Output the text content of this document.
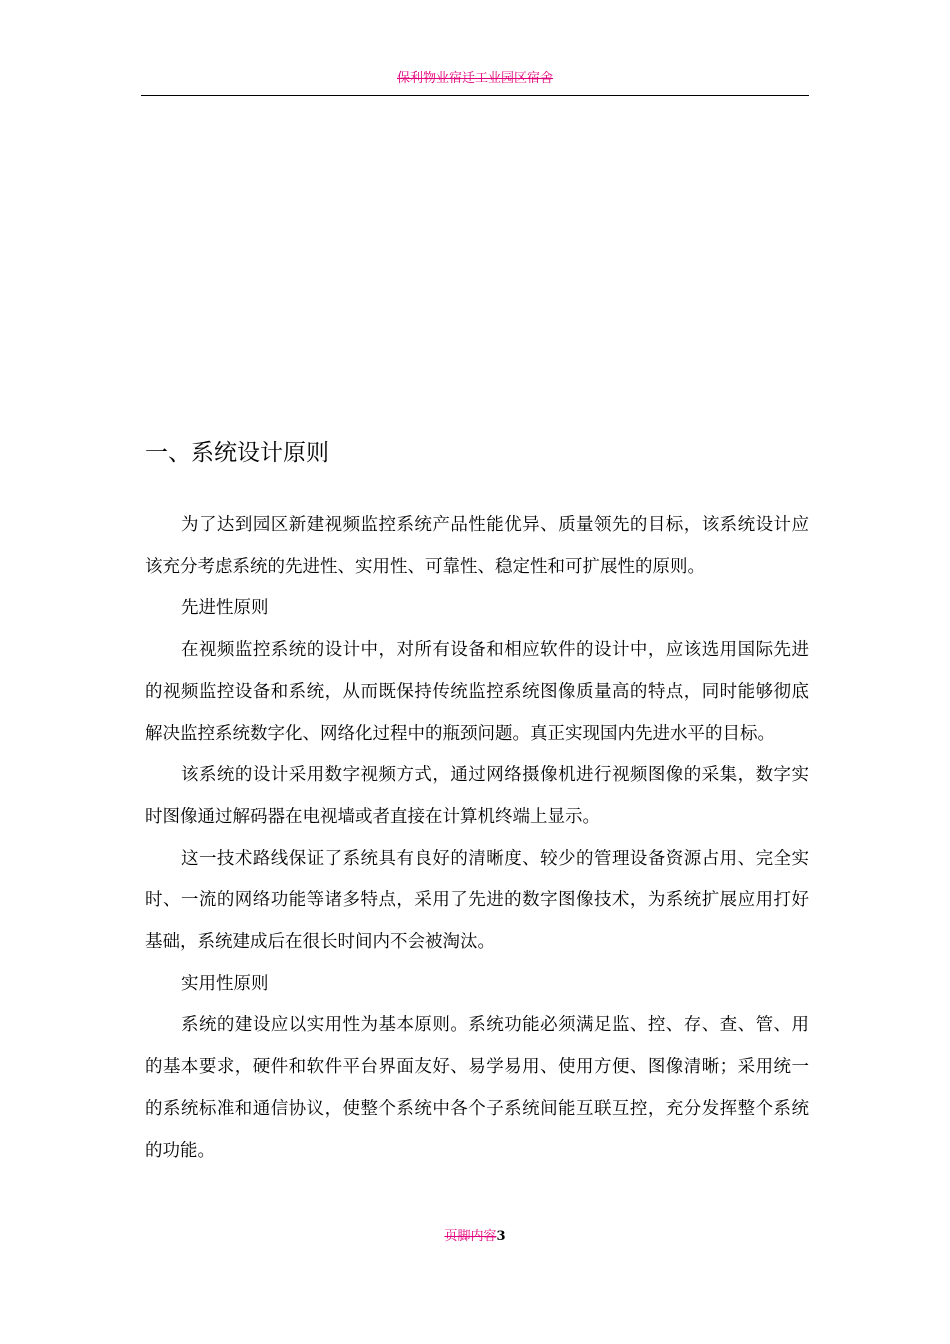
保利物业宿迁工业园区宿舍
一、系统设计原则

为了达到园区新建视频监控系统产品性能优异、质量领先的目标，该系统设计应该充分考虑系统的先进性、实用性、可靠性、稳定性和可扩展性的原则。

先进性原则

在视频监控系统的设计中，对所有设备和相应软件的设计中，应该选用国际先进的视频监控设备和系统，从而既保持传统监控系统图像质量高的特点，同时能够彻底解决监控系统数字化、网络化过程中的瓶颈问题。真正实现国内先进水平的目标。

该系统的设计采用数字视频方式，通过网络摄像机进行视频图像的采集，数字实时图像通过解码器在电视墙或者直接在计算机终端上显示。

这一技术路线保证了系统具有良好的清晰度、较少的管理设备资源占用、完全实时、一流的网络功能等诸多特点，采用了先进的数字图像技术，为系统扩展应用打好基础，系统建成后在很长时间内不会被淘汰。

实用性原则

系统的建设应以实用性为基本原则。系统功能必须满足监、控、存、查、管、用的基本要求，硬件和软件平台界面友好、易学易用、使用方便、图像清晰；采用统一的系统标准和通信协议，使整个系统中各个子系统间能互联互控，充分发挥整个系统的功能。

页脚内容3
